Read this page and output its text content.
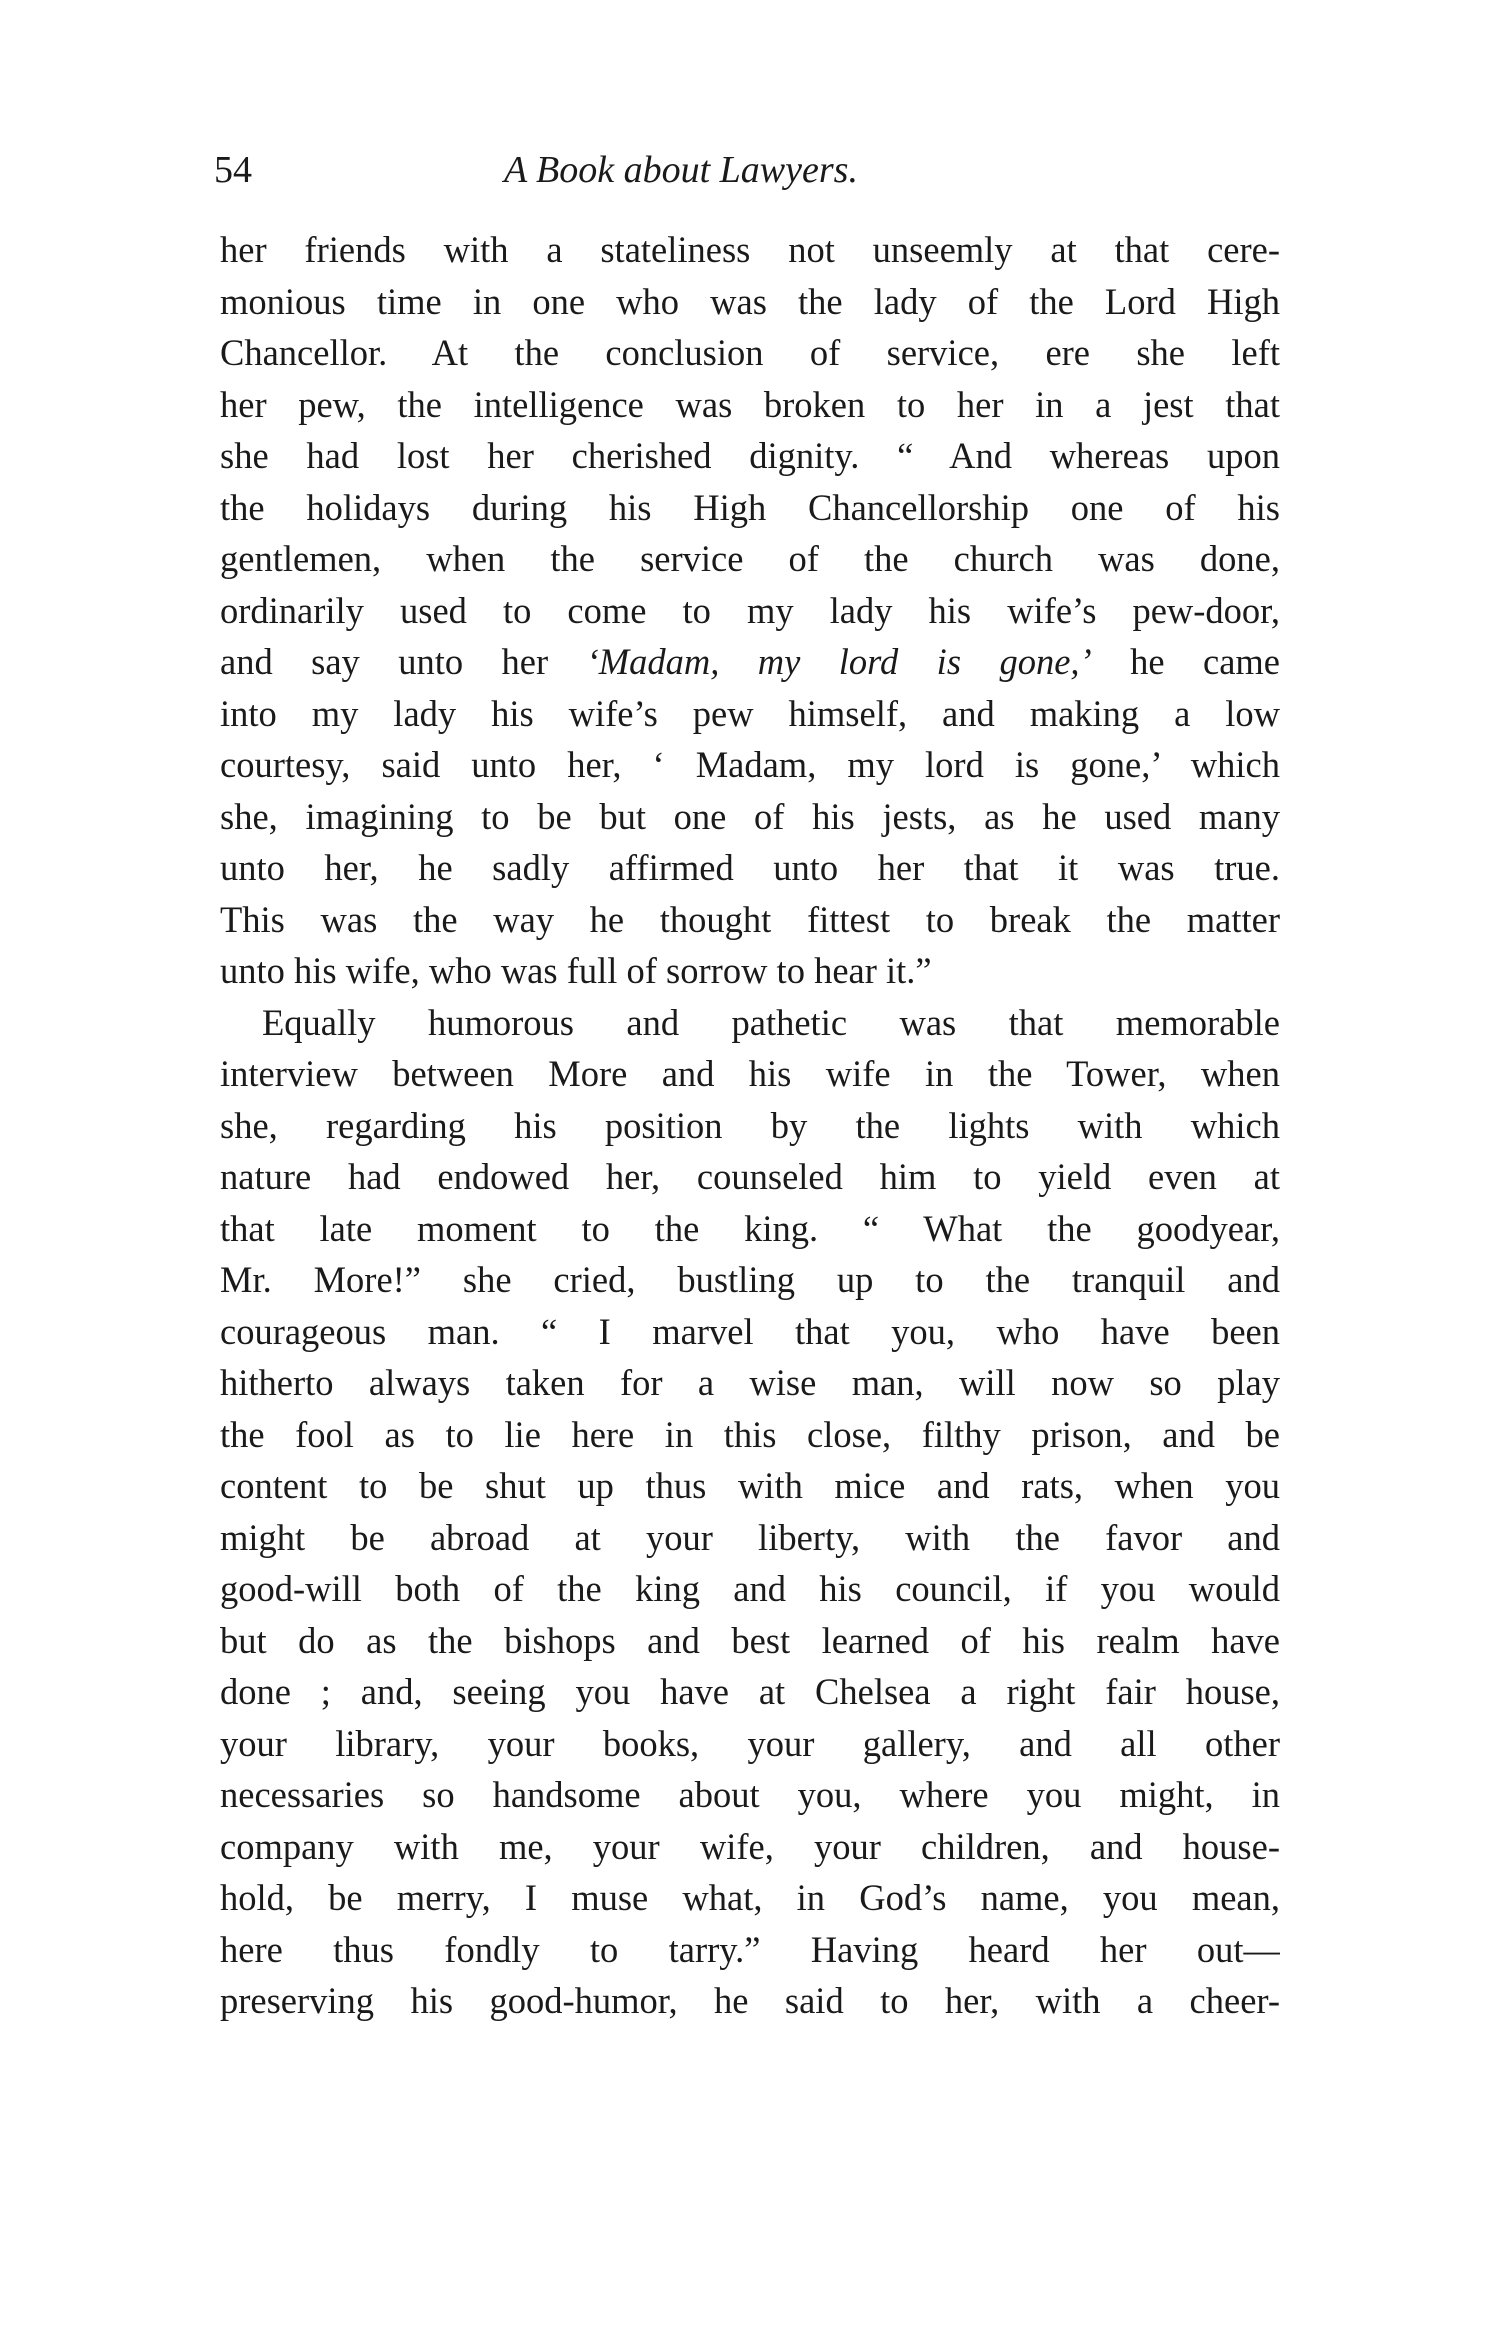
54	A Book about Lawyers.
her friends with a stateliness not unseemly at that cere-
monious time in one who was the lady of the Lord High
Chancellor. At the conclusion of service, ere she left
her pew, the intelligence was broken to her in a jest that
she had lost her cherished dignity. “ And whereas upon
the holidays during his High Chancellorship one of his
gentlemen, when the service of the church was done,
ordinarily used to come to my lady his wife’s pew-door,
and say unto her ‘Madam, my lord is gone,’ he came
into my lady his wife’s pew himself, and making a low
courtesy, said unto her, ‘ Madam, my lord is gone,’ which
she, imagining to be but one of his jests, as he used many
unto her, he sadly affirmed unto her that it was true.
This was the way he thought fittest to break the matter
unto his wife, who was full of sorrow to hear it.”
Equally humorous and pathetic was that memorable
interview between More and his wife in the Tower, when
she, regarding his position by the lights with which
nature had endowed her, counseled him to yield even at
that late moment to the king. “ What the goodyear,
Mr. More!” she cried, bustling up to the tranquil and
courageous man. “ I marvel that you, who have been
hitherto always taken for a wise man, will now so play
the fool as to lie here in this close, filthy prison, and be
content to be shut up thus with mice and rats, when you
might be abroad at your liberty, with the favor and
good-will both of the king and his council, if you would
but do as the bishops and best learned of his realm have
done ; and, seeing you have at Chelsea a right fair house,
your library, your books, your gallery, and all other
necessaries so handsome about you, where you might, in
company with me, your wife, your children, and house-
hold, be merry, I muse what, in God’s name, you mean,
here thus fondly to tarry.” Having heard her out—
preserving his good-humor, he said to her, with a cheer-
